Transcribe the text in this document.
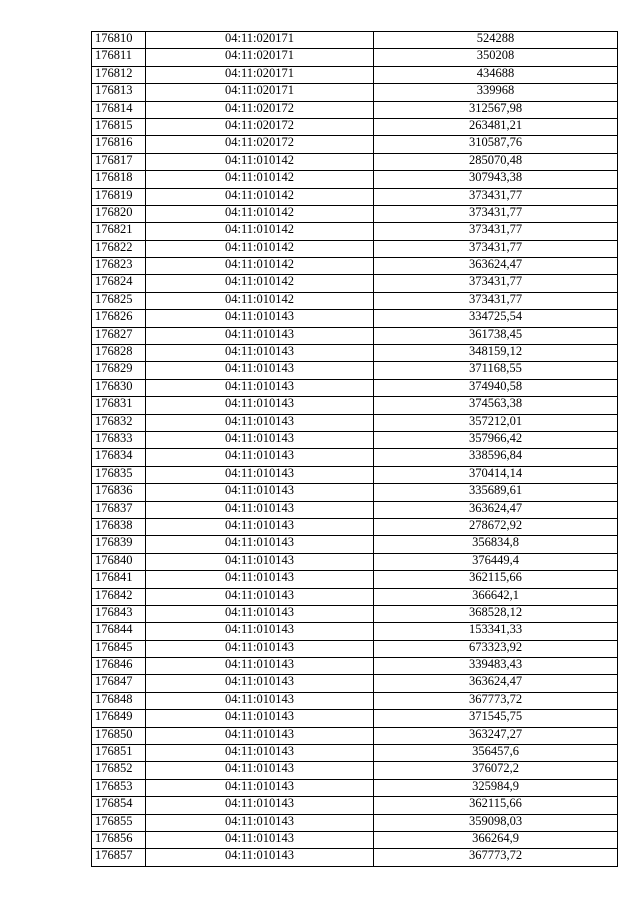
176810	04:11:020171	524288
176811	04:11:020171	350208
176812	04:11:020171	434688
176813	04:11:020171	339968
176814	04:11:020172	312567,98
176815	04:11:020172	263481,21
176816	04:11:020172	310587,76
176817	04:11:010142	285070,48
176818	04:11:010142	307943,38
176819	04:11:010142	373431,77
176820	04:11:010142	373431,77
176821	04:11:010142	373431,77
176822	04:11:010142	373431,77
176823	04:11:010142	363624,47
176824	04:11:010142	373431,77
176825	04:11:010142	373431,77
176826	04:11:010143	334725,54
176827	04:11:010143	361738,45
176828	04:11:010143	348159,12
176829	04:11:010143	371168,55
176830	04:11:010143	374940,58
176831	04:11:010143	374563,38
176832	04:11:010143	357212,01
176833	04:11:010143	357966,42
176834	04:11:010143	338596,84
176835	04:11:010143	370414,14
176836	04:11:010143	335689,61
176837	04:11:010143	363624,47
176838	04:11:010143	278672,92
176839	04:11:010143	356834,8
176840	04:11:010143	376449,4
176841	04:11:010143	362115,66
176842	04:11:010143	366642,1
176843	04:11:010143	368528,12
176844	04:11:010143	153341,33
176845	04:11:010143	673323,92
176846	04:11:010143	339483,43
176847	04:11:010143	363624,47
176848	04:11:010143	367773,72
176849	04:11:010143	371545,75
176850	04:11:010143	363247,27
176851	04:11:010143	356457,6
176852	04:11:010143	376072,2
176853	04:11:010143	325984,9
176854	04:11:010143	362115,66
176855	04:11:010143	359098,03
176856	04:11:010143	366264,9
176857	04:11:010143	367773,72
